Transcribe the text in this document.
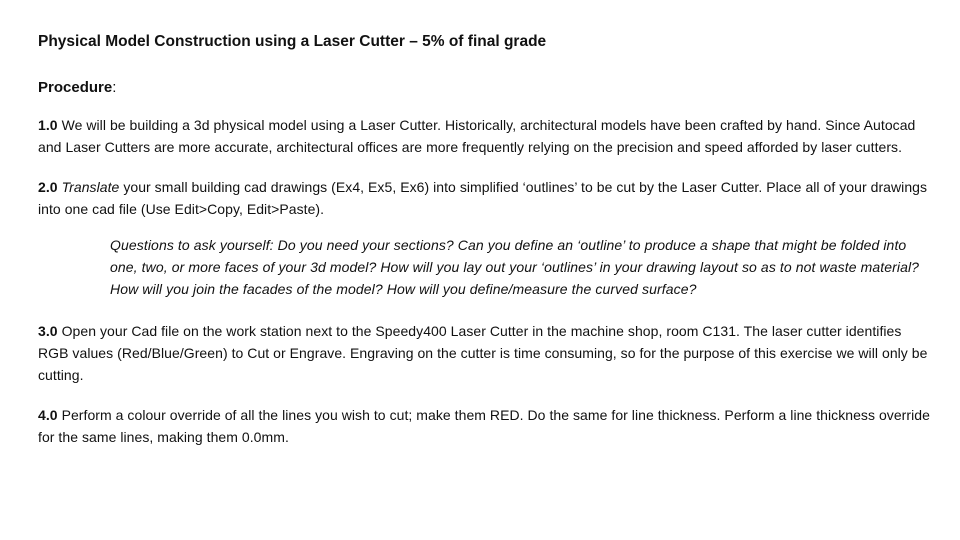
Physical Model Construction using a Laser Cutter – 5% of final grade
Procedure:

1.0 We will be building a 3d physical model using a Laser Cutter. Historically, architectural models have been crafted by hand. Since Autocad and Laser Cutters are more accurate, architectural offices are more frequently relying on the precision and speed afforded by laser cutters.

2.0 Translate your small building cad drawings (Ex4, Ex5, Ex6) into simplified ‘outlines’ to be cut by the Laser Cutter. Place all of your drawings into one cad file (Use Edit>Copy, Edit>Paste).

Questions to ask yourself: Do you need your sections? Can you define an ‘outline’ to produce a shape that might be folded into one, two, or more faces of your 3d model? How will you lay out your ‘outlines’ in your drawing layout so as to not waste material? How will you join the facades of the model? How will you define/measure the curved surface?

3.0 Open your Cad file on the work station next to the Speedy400 Laser Cutter in the machine shop, room C131. The laser cutter identifies RGB values (Red/Blue/Green) to Cut or Engrave. Engraving on the cutter is time consuming, so for the purpose of this exercise we will only be cutting.

4.0 Perform a colour override of all the lines you wish to cut; make them RED. Do the same for line thickness. Perform a line thickness override for the same lines, making them 0.0mm.
